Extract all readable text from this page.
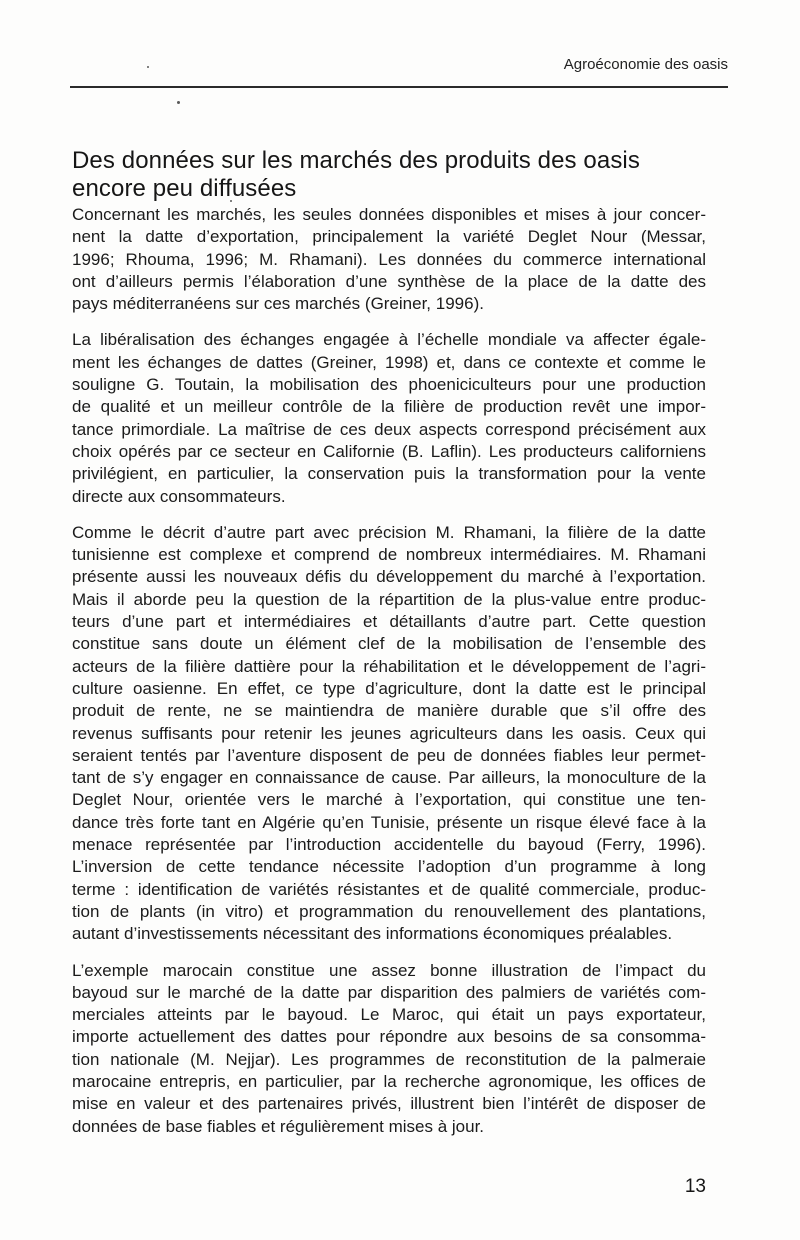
Agroéconomie des oasis
Des données sur les marchés des produits des oasis
encore peu diffusées

Concernant les marchés, les seules données disponibles et mises à jour concer-
nent la datte d’exportation, principalement la variété Deglet Nour (Messar,
1996; Rhouma, 1996; M. Rhamani). Les données du commerce international
ont d’ailleurs permis l’élaboration d’une synthèse de la place de la datte des
pays méditerranéens sur ces marchés (Greiner, 1996).

La libéralisation des échanges engagée à l’échelle mondiale va affecter égale-
ment les échanges de dattes (Greiner, 1998) et, dans ce contexte et comme le
souligne G. Toutain, la mobilisation des phoeniciculteurs pour une production
de qualité et un meilleur contrôle de la filière de production revêt une impor-
tance primordiale. La maîtrise de ces deux aspects correspond précisément aux
choix opérés par ce secteur en Californie (B. Laflin). Les producteurs californiens
privilégient, en particulier, la conservation puis la transformation pour la vente
directe aux consommateurs.

Comme le décrit d’autre part avec précision M. Rhamani, la filière de la datte
tunisienne est complexe et comprend de nombreux intermédiaires. M. Rhamani
présente aussi les nouveaux défis du développement du marché à l’exportation.
Mais il aborde peu la question de la répartition de la plus-value entre produc-
teurs d’une part et intermédiaires et détaillants d’autre part. Cette question
constitue sans doute un élément clef de la mobilisation de l’ensemble des
acteurs de la filière dattière pour la réhabilitation et le développement de l’agri-
culture oasienne. En effet, ce type d’agriculture, dont la datte est le principal
produit de rente, ne se maintiendra de manière durable que s’il offre des
revenus suffisants pour retenir les jeunes agriculteurs dans les oasis. Ceux qui
seraient tentés par l’aventure disposent de peu de données fiables leur permet-
tant de s’y engager en connaissance de cause. Par ailleurs, la monoculture de la
Deglet Nour, orientée vers le marché à l’exportation, qui constitue une ten-
dance très forte tant en Algérie qu’en Tunisie, présente un risque élevé face à la
menace représentée par l’introduction accidentelle du bayoud (Ferry, 1996).
L’inversion de cette tendance nécessite l’adoption d’un programme à long
terme : identification de variétés résistantes et de qualité commerciale, produc-
tion de plants (in vitro) et programmation du renouvellement des plantations,
autant d’investissements nécessitant des informations économiques préalables.

L’exemple marocain constitue une assez bonne illustration de l’impact du
bayoud sur le marché de la datte par disparition des palmiers de variétés com-
merciales atteints par le bayoud. Le Maroc, qui était un pays exportateur,
importe actuellement des dattes pour répondre aux besoins de sa consomma-
tion nationale (M. Nejjar). Les programmes de reconstitution de la palmeraie
marocaine entrepris, en particulier, par la recherche agronomique, les offices de
mise en valeur et des partenaires privés, illustrent bien l’intérêt de disposer de
données de base fiables et régulièrement mises à jour.

13
